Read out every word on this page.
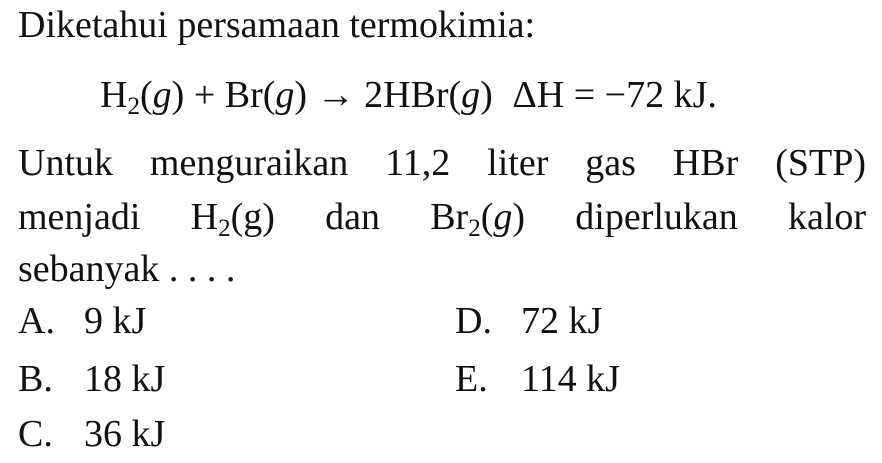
Diketahui persamaan termokimia:
$H_2(g) + Br(g) \to 2HBr(g) \Delta H = -72$ kJ.
Untuk menguraikan 11,2 liter gas HBr (STP)
menjadi $H_2(g)$ dan $Br_2(g)$ diperlukan kalor
sebanyak . . . .
A. 9 kJ
B. 18 kJ
C. 36 kJ
D. 72 kJ
E. 114 kJ
